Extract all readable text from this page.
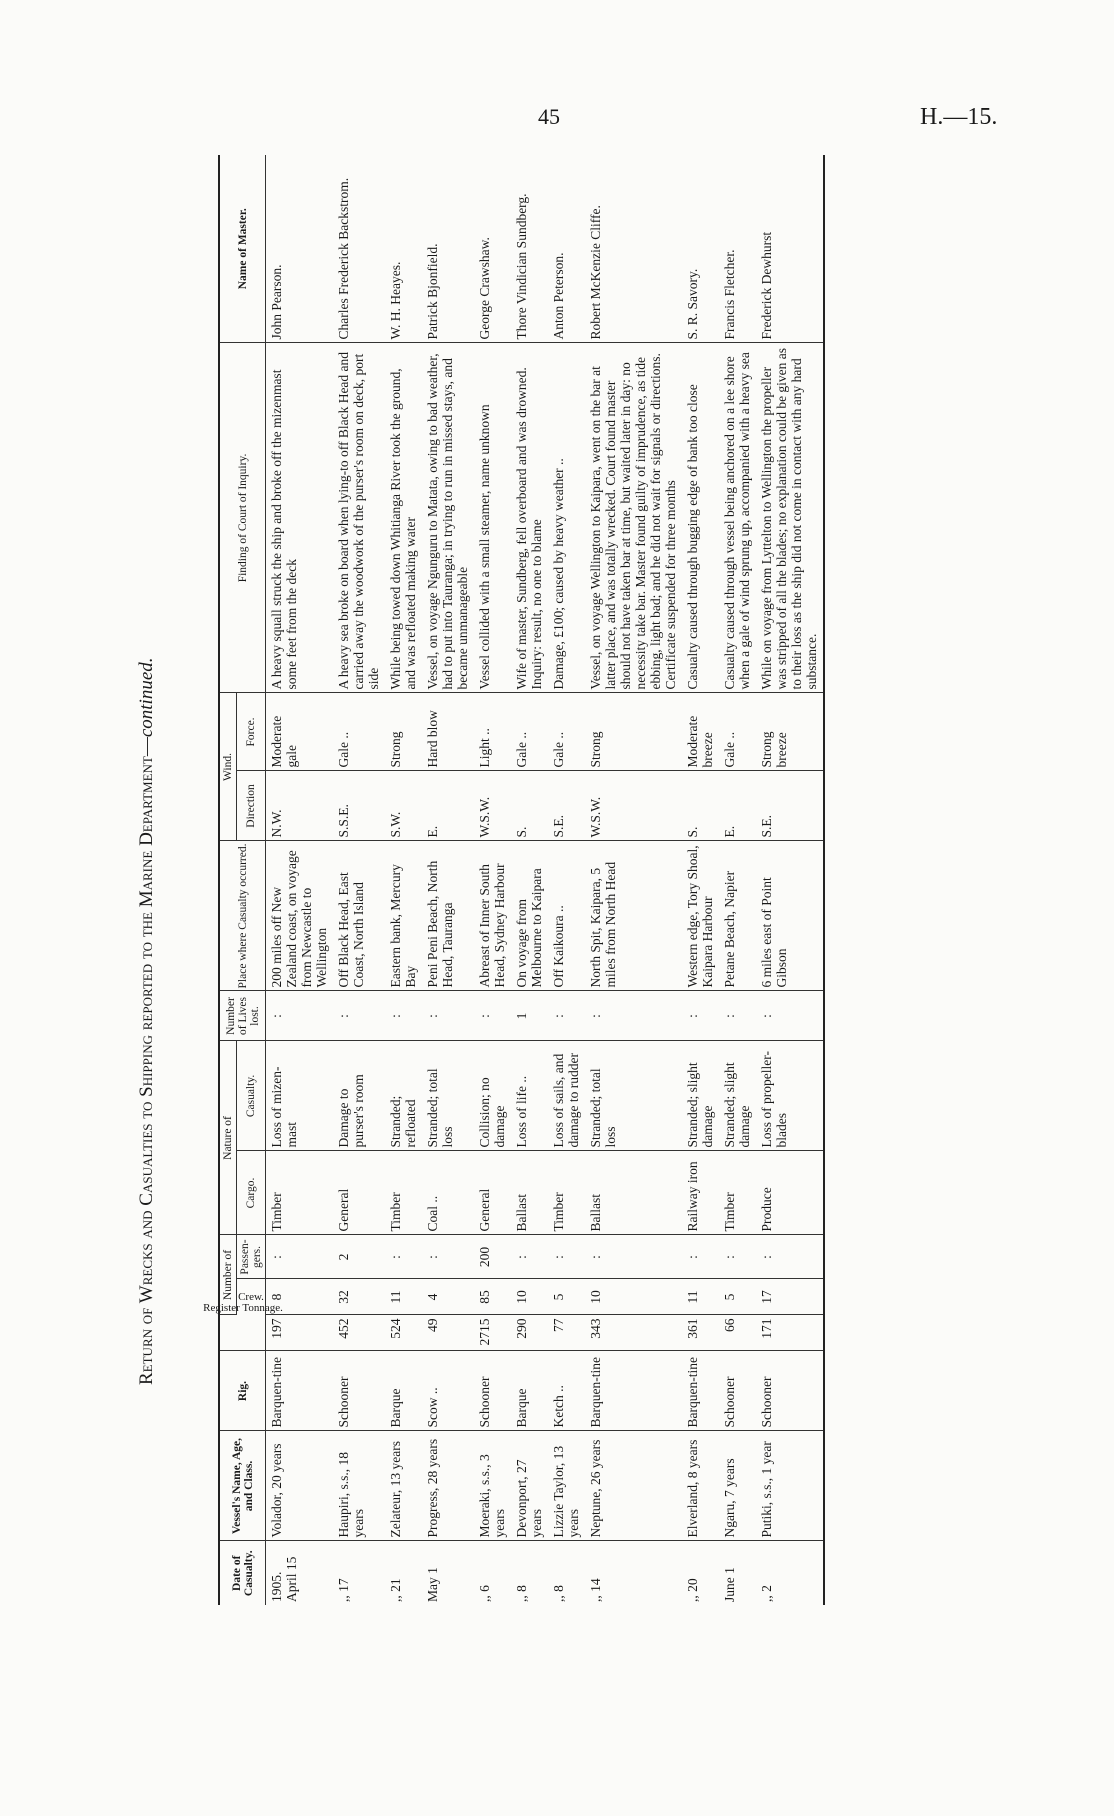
45	H.—15.
Return of Wrecks and Casualties to Shipping reported to the Marine Department—continued.
Date of Casualty.	Vessel's Name, Age, and Class.	Rig.	Register Tonnage.	Number of		Nature of		Number of Lives lost.	Place where Casualty occurred.	Wind.		Finding of Court of Inquiry.	Name of Master.
				Crew.	Passen-gers.	Cargo.	Casualty.			Direction	Force.		

1905. April 15	Volador, 20 years	Barquen-tine	197	8	:	Timber	Loss of mizen-mast	:	200 miles off New Zealand coast, on voyage from Newcastle to Wellington	N.W.	Moderate gale	A heavy squall struck the ship and broke off the mizenmast some feet from the deck	John Pearson.
,, 17	Haupiri, s.s., 18 years	Schooner	452	32	2	General	Damage to purser's room	:	Off Black Head, East Coast, North Island	S.S.E.	Gale ..	A heavy sea broke on board when lying-to off Black Head and carried away the woodwork of the purser's room on deck, port side	Charles Frederick Backstrom.
,, 21	Zelateur, 13 years	Barque	524	11	:	Timber	Stranded; refloated	:	Eastern bank, Mercury Bay	S.W.	Strong	While being towed down Whitianga River took the ground, and was refloated making water	W. H. Heayes.
May 1	Progress, 28 years	Scow ..	49	4	:	Coal ..	Stranded; total loss	:	Peni Peni Beach, North Head, Tauranga	E.	Hard blow	Vessel, on voyage Ngunguru to Matata, owing to bad weather, had to put into Tauranga; in trying to run in missed stays, and became unmanageable	Patrick Bjonfield.
,, 6	Moeraki, s.s., 3 years	Schooner	2715	85	200	General	Collision; no damage	:	Abreast of Inner South Head, Sydney Harbour	W.S.W.	Light ..	Vessel collided with a small steamer, name unknown	George Crawshaw.
,, 8	Devonport, 27 years	Barque	290	10	:	Ballast	Loss of life ..	1	On voyage from Melbourne to Kaipara	S.	Gale ..	Wife of master, Sundberg, fell overboard and was drowned. Inquiry: result, no one to blame	Thore Vindician Sundberg.
,, 8	Lizzie Taylor, 13 years	Ketch ..	77	5	:	Timber	Loss of sails, and damage to rudder	:	Off Kaikoura ..	S.E.	Gale ..	Damage, £100; caused by heavy weather ..	Anton Peterson.
,, 14	Neptune, 26 years	Barquen-tine	343	10	:	Ballast	Stranded; total loss	:	North Spit, Kaipara, 5 miles from North Head	W.S.W.	Strong	Vessel, on voyage Wellington to Kaipara, went on the bar at latter place, and was totally wrecked. Court found master should not have taken bar at time, but waited later in day: no necessity take bar. Master found guilty of imprudence, as tide ebbing, light bad; and he did not wait for signals or directions. Certificate suspended for three months	Robert McKenzie Cliffe.
,, 20	Elverland, 8 years	Barquen-tine	361	11	:	Railway iron	Stranded; slight damage	:	Western edge, Tory Shoal, Kaipara Harbour	S.	Moderate breeze	Casualty caused through bugging edge of bank too close	S. R. Savory.
June 1	Ngaru, 7 years	Schooner	66	5	:	Timber	Stranded; slight damage	:	Petane Beach, Napier	E.	Gale ..	Casualty caused through vessel being anchored on a lee shore when a gale of wind sprung up, accompanied with a heavy sea	Francis Fletcher.
,, 2	Putiki, s.s., 1 year	Schooner	171	17	:	Produce	Loss of propeller-blades	:	6 miles east of Point Gibson	S.E.	Strong breeze	While on voyage from Lyttelton to Wellington the propeller was stripped of all the blades; no explanation could be given as to their loss as the ship did not come in contact with any hard substance.	Frederick Dewhurst
